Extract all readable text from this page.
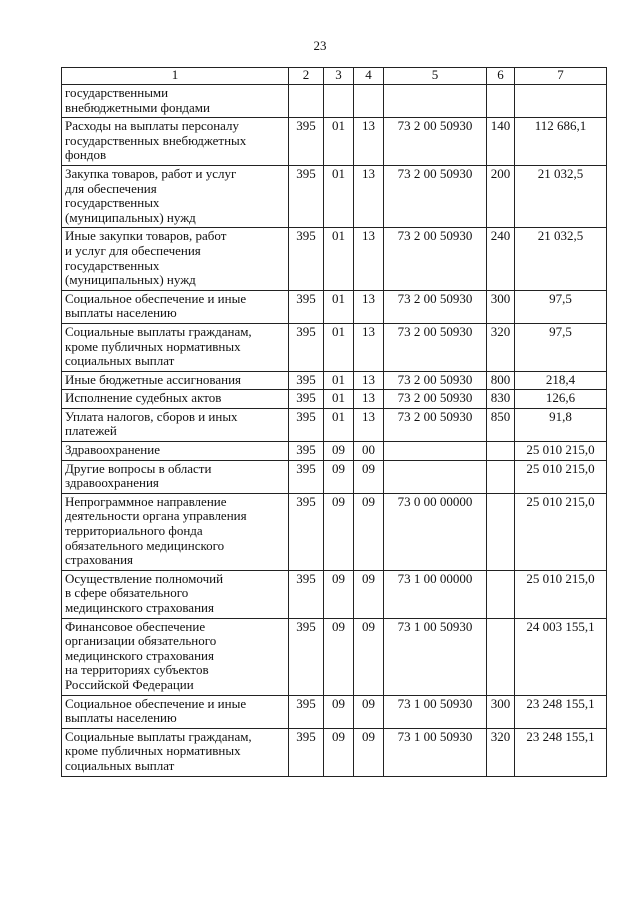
23
1	2	3	4	5	6	7
государственными
внебюджетными фондами						
Расходы на выплаты персоналу
государственных внебюджетных
фондов	395	01	13	73 2 00 50930	140	112 686,1
Закупка товаров, работ и услуг
для обеспечения
государственных
(муниципальных) нужд	395	01	13	73 2 00 50930	200	21 032,5
Иные закупки товаров, работ
и услуг для обеспечения
государственных
(муниципальных) нужд	395	01	13	73 2 00 50930	240	21 032,5
Социальное обеспечение и иные
выплаты населению	395	01	13	73 2 00 50930	300	97,5
Социальные выплаты гражданам,
кроме публичных нормативных
социальных выплат	395	01	13	73 2 00 50930	320	97,5
Иные бюджетные ассигнования	395	01	13	73 2 00 50930	800	218,4
Исполнение судебных актов	395	01	13	73 2 00 50930	830	126,6
Уплата налогов, сборов и иных
платежей	395	01	13	73 2 00 50930	850	91,8
Здравоохранение	395	09	00			25 010 215,0
Другие вопросы в области
здравоохранения	395	09	09			25 010 215,0
Непрограммное направление
деятельности органа управления
территориального фонда
обязательного медицинского
страхования	395	09	09	73 0 00 00000		25 010 215,0
Осуществление полномочий
в сфере обязательного
медицинского страхования	395	09	09	73 1 00 00000		25 010 215,0
Финансовое обеспечение
организации обязательного
медицинского страхования
на территориях субъектов
Российской Федерации	395	09	09	73 1 00 50930		24 003 155,1
Социальное обеспечение и иные
выплаты населению	395	09	09	73 1 00 50930	300	23 248 155,1
Социальные выплаты гражданам,
кроме публичных нормативных
социальных выплат	395	09	09	73 1 00 50930	320	23 248 155,1
